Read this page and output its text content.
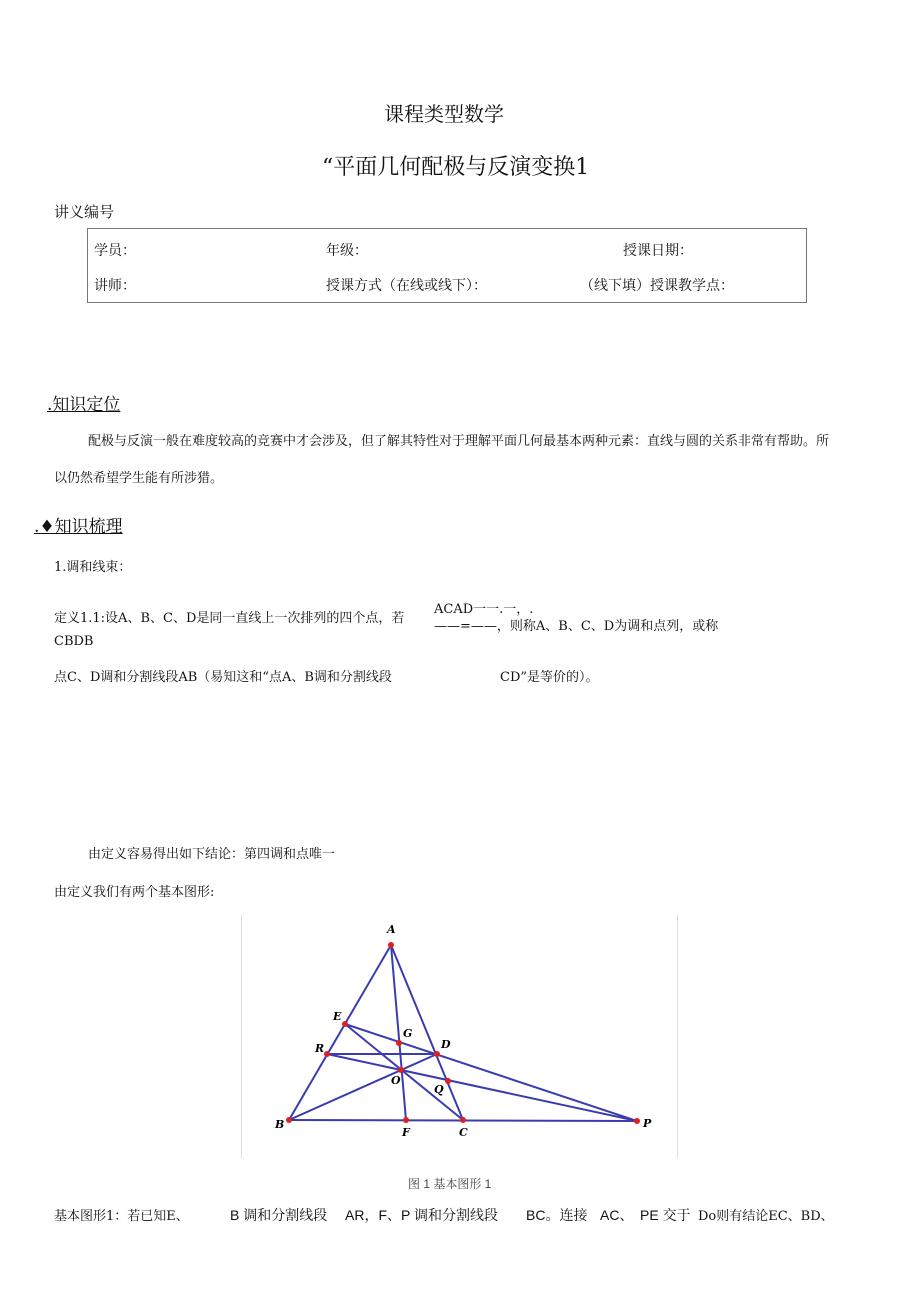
课程类型数学
“平面几何配极与反演变换1
讲义编号
学员：	年级：	授课日期：
讲师：	授课方式（在线或线下）：	（线下填）授课教学点：
.知识定位
配极与反演一般在难度较高的竞赛中才会涉及，但了解其特性对于理解平面几何最基本两种元素：直线与圆的关系非常有帮助。所
以仍然希望学生能有所涉猎。
.♦知识梳理
1.调和线束：
定义1.1:设A、B、C、D是同一直线上一次排列的四个点，若
ACAD一一.一，.
——=——，则称A、B、C、D为调和点列，或称
CBDB
点C、D调和分割线段AB（易知这和“点A、B调和分割线段	CD”是等价的）。
由定义容易得出如下结论：第四调和点唯一
由定义我们有两个基本图形:
A
E
G
R	D
O
Q
B
F	C
P
图 1 基本图形 1
基本图形1：若已知E、	B 调和分割线段 AR，F、P 调和分割线段 BC。连接 AC、 PE 交于 Do则有结论EC、BD、
